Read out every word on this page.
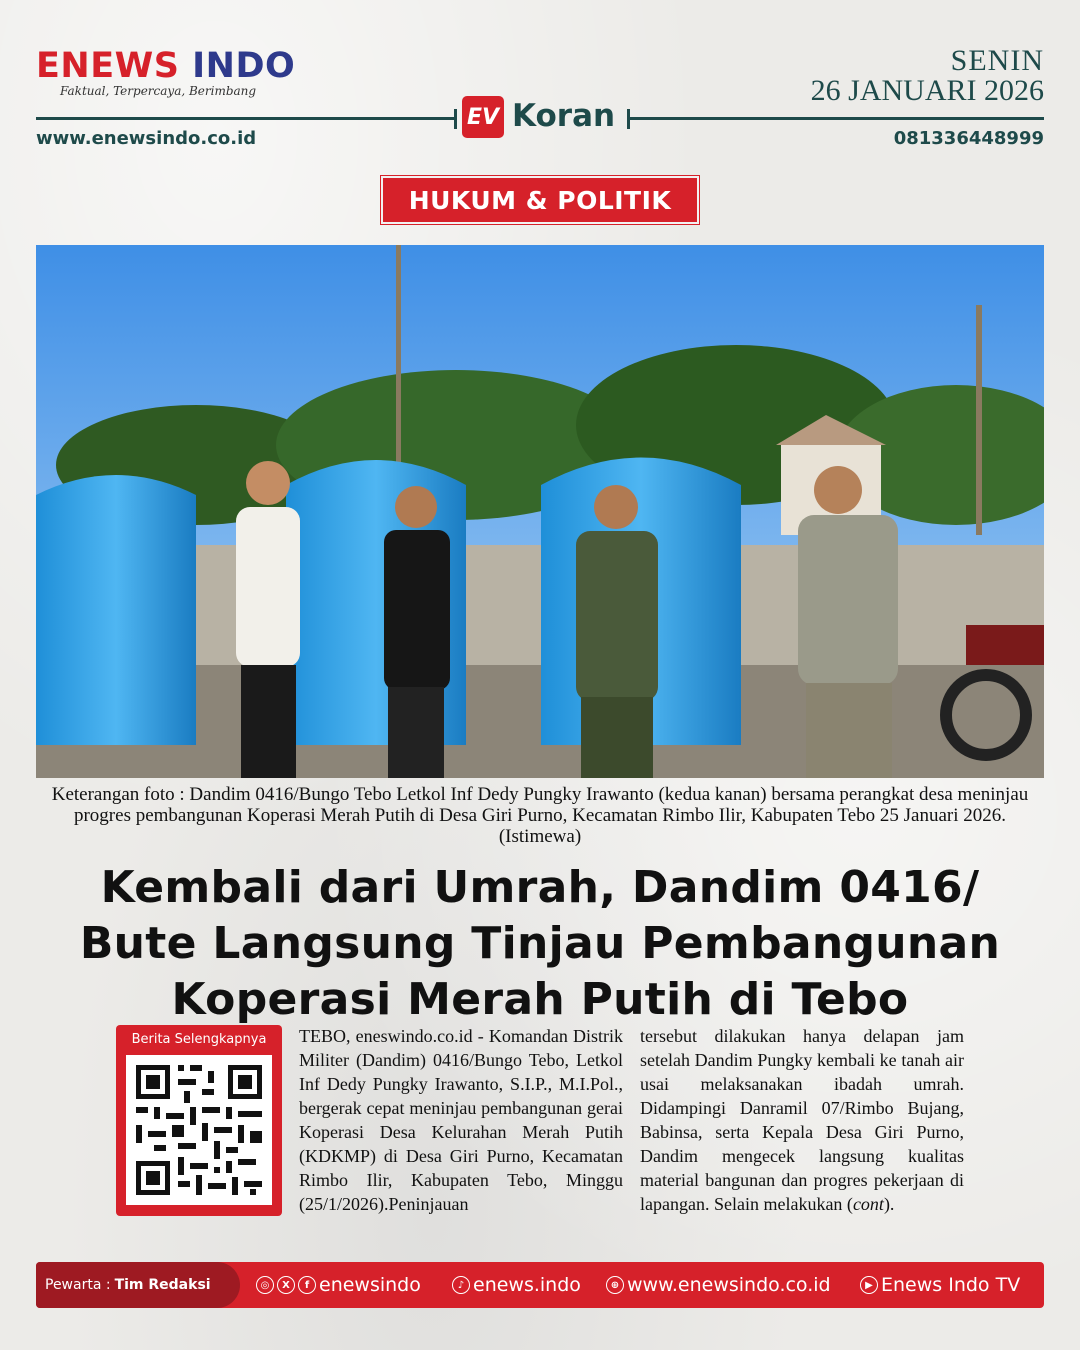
ENEWS INDO
Faktual, Terpercaya, Berimbang
SENIN
26 JANUARI 2026
EV Koran
www.enewsindo.co.id	081336448999
HUKUM & POLITIK
Keterangan foto : Dandim 0416/Bungo Tebo Letkol Inf Dedy Pungky Irawanto (kedua kanan) bersama perangkat desa meninjau progres pembangunan Koperasi Merah Putih di Desa Giri Purno, Kecamatan Rimbo Ilir, Kabupaten Tebo 25 Januari 2026. (Istimewa)
Kembali dari Umrah, Dandim 0416/
Bute Langsung Tinjau Pembangunan
Koperasi Merah Putih di Tebo
Berita Selengkapnya	TEBO, eneswindo.co.id - Komandan Distrik Militer (Dandim) 0416/Bungo Tebo, Letkol Inf Dedy Pungky Irawanto, S.I.P., M.I.Pol., bergerak cepat meninjau pembangunan gerai Koperasi Desa Kelurahan Merah Putih (KDKMP) di Desa Giri Purno, Kecamatan Rimbo Ilir, Kabupaten Tebo, Minggu (25/1/2026).Peninjauan
tersebut dilakukan hanya delapan jam setelah Dandim Pungky kembali ke tanah air usai melaksanakan ibadah umrah. Didampingi Danramil 07/Rimbo Bujang, Babinsa, serta Kepala Desa Giri Purno, Dandim mengecek langsung kualitas material bangunan dan progres pekerjaan di lapangan. Selain melakukan (cont).
Pewarta : Tim Redaksi	◎	X	f enewsindo	♪ enews.indo	⊕ www.enewsindo.co.id	▶ Enews Indo TV
